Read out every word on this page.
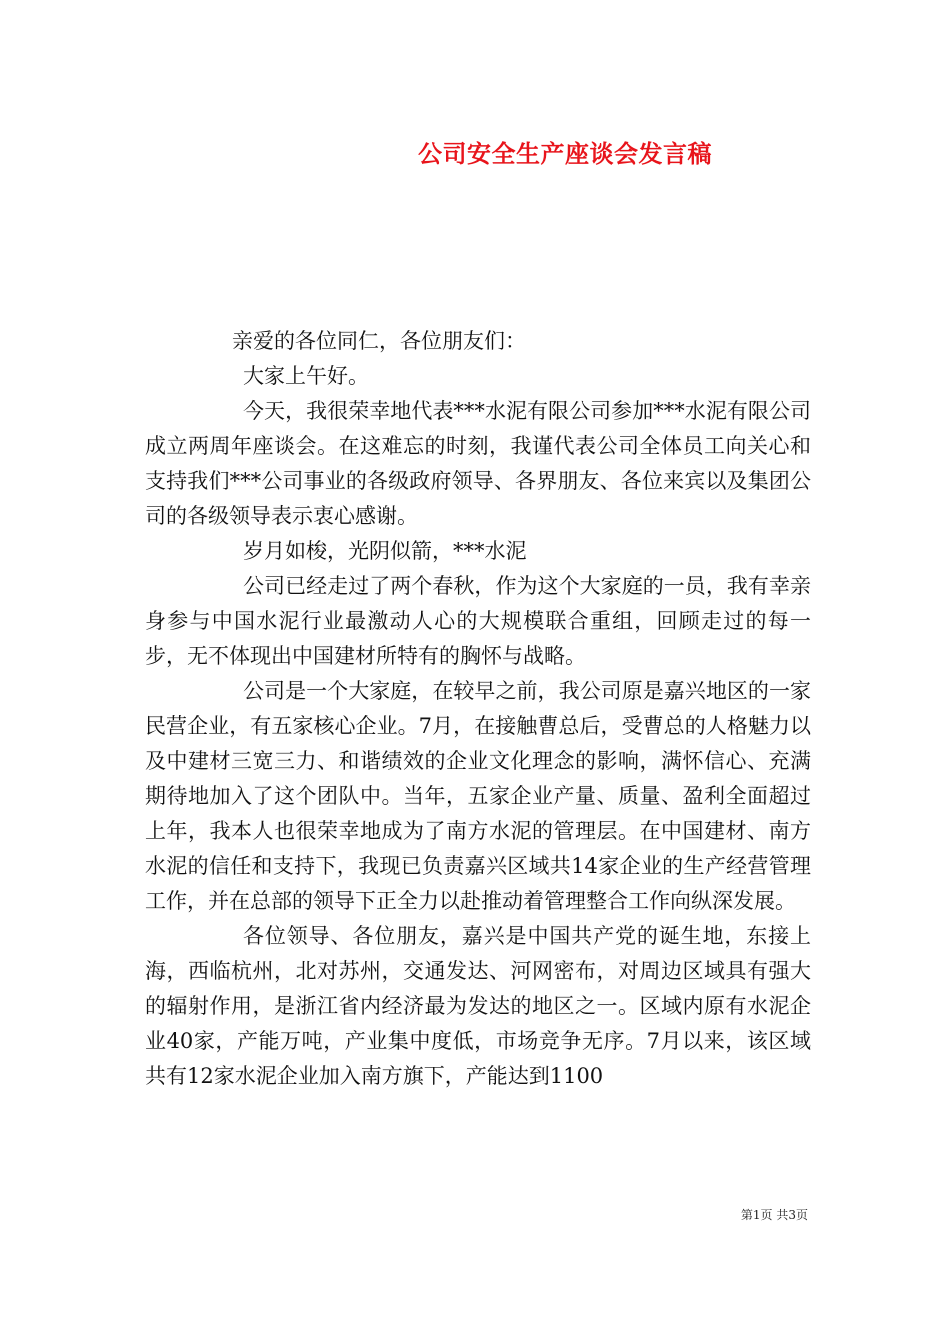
公司安全生产座谈会发言稿

亲爱的各位同仁，各位朋友们：

大家上午好。

今天，我很荣幸地代表***水泥有限公司参加***水泥有限公司成立两周年座谈会。在这难忘的时刻，我谨代表公司全体员工向关心和支持我们***公司事业的各级政府领导、各界朋友、各位来宾以及集团公司的各级领导表示衷心感谢。

岁月如梭，光阴似箭，***水泥

公司已经走过了两个春秋，作为这个大家庭的一员，我有幸亲身参与中国水泥行业最激动人心的大规模联合重组，回顾走过的每一步，无不体现出中国建材所特有的胸怀与战略。

公司是一个大家庭，在较早之前，我公司原是嘉兴地区的一家民营企业，有五家核心企业。7月，在接触曹总后，受曹总的人格魅力以及中建材三宽三力、和谐绩效的企业文化理念的影响，满怀信心、充满期待地加入了这个团队中。当年，五家企业产量、质量、盈利全面超过上年，我本人也很荣幸地成为了南方水泥的管理层。在中国建材、南方水泥的信任和支持下，我现已负责嘉兴区域共14家企业的生产经营管理工作，并在总部的领导下正全力以赴推动着管理整合工作向纵深发展。

各位领导、各位朋友，嘉兴是中国共产党的诞生地，东接上海，西临杭州，北对苏州，交通发达、河网密布，对周边区域具有强大的辐射作用，是浙江省内经济最为发达的地区之一。区域内原有水泥企业40家，产能万吨，产业集中度低，市场竞争无序。7月以来，该区域共有12家水泥企业加入南方旗下，产能达到1100

第1页 共3页
